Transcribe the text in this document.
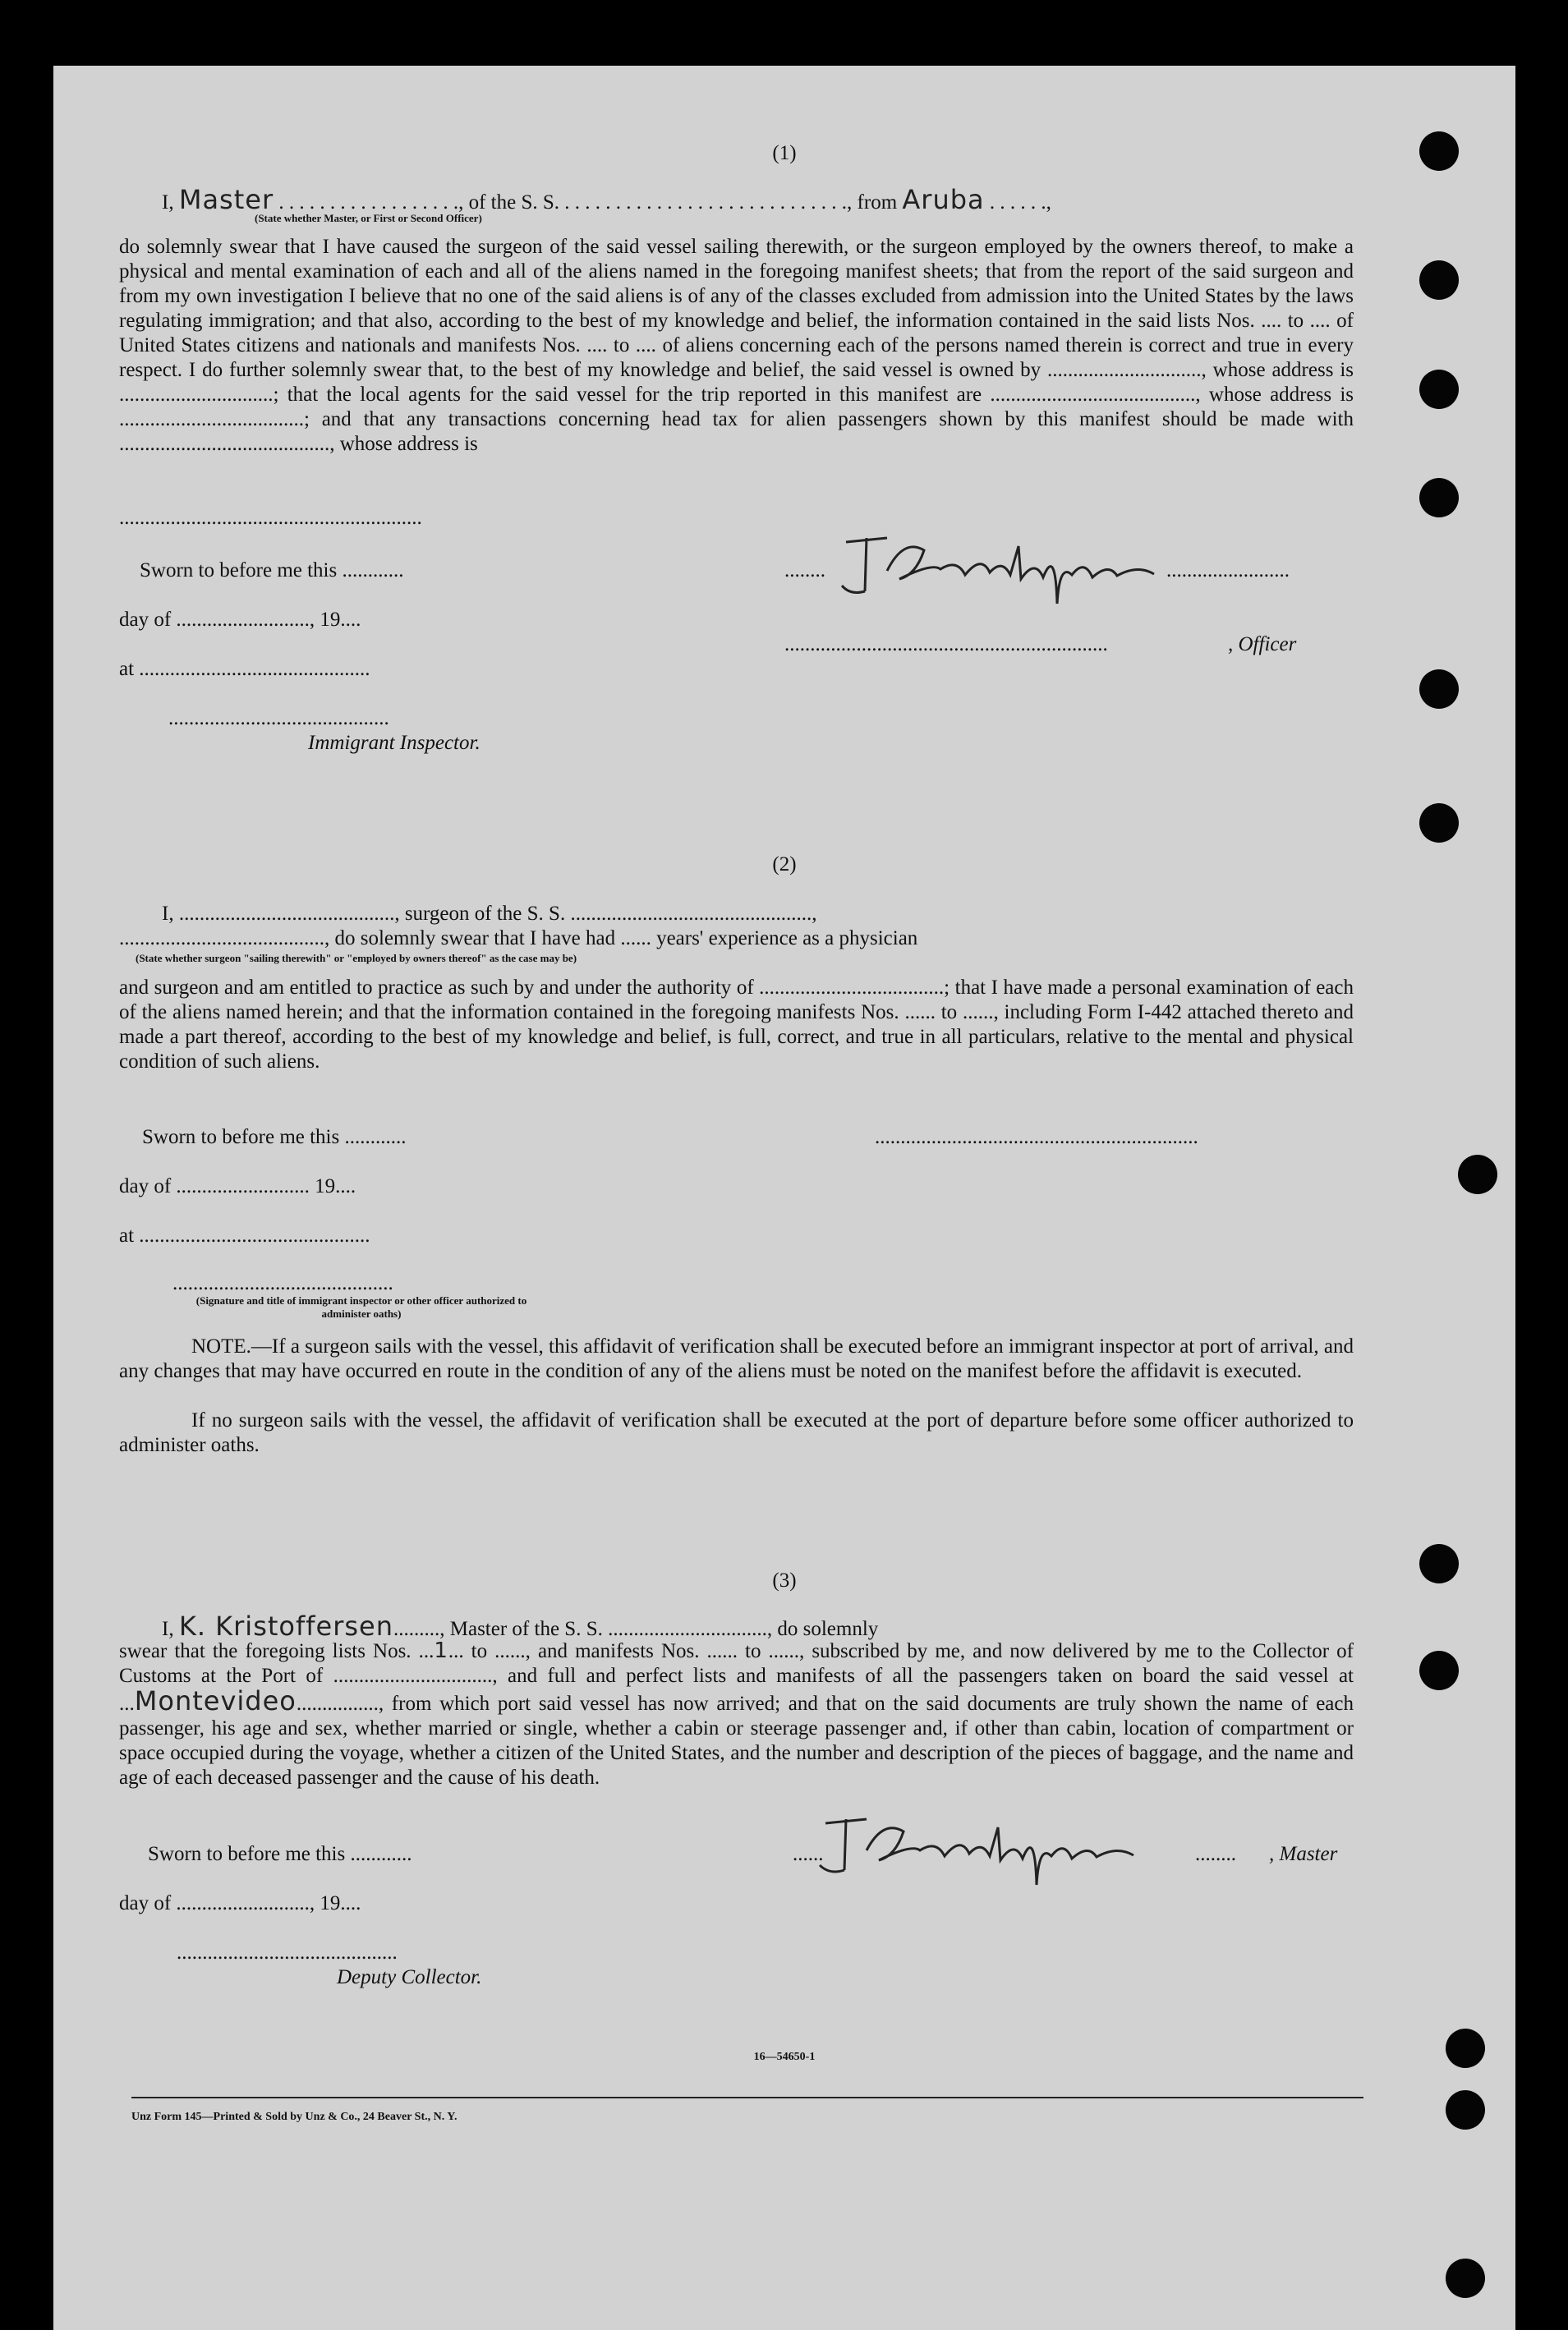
(1)
I, Master . . . . . . . . . . . . . . . . . ., of the S. S. . . . . . . . . . . . . . . . . . . . . . . . . . . . ., from Aruba . . . . . .,
(State whether Master, or First or Second Officer)
do solemnly swear that I have caused the surgeon of the said vessel sailing therewith, or the surgeon employed by the owners thereof, to make a physical and mental examination of each and all of the aliens named in the foregoing manifest sheets; that from the report of the said surgeon and from my own investigation I believe that no one of the said aliens is of any of the classes excluded from admission into the United States by the laws regulating immigration; and that also, according to the best of my knowledge and belief, the information contained in the said lists Nos. .... to .... of United States citizens and nationals and manifests Nos. .... to .... of aliens concerning each of the persons named therein is correct and true in every respect. I do further solemnly swear that, to the best of my knowledge and belief, the said vessel is owned by .............................., whose address is ..............................; that the local agents for the said vessel for the trip reported in this manifest are ........................................, whose address is ....................................; and that any transactions concerning head tax for alien passengers shown by this manifest should be made with ........................................., whose address is
...........................................................
Sworn to before me this ............
day of .........................., 19....
at .............................................
...........................................
Immigrant Inspector.
........	........................
...............................................................	, Officer
(2)
I, .........................................., surgeon of the S. S. ...............................................,
........................................, do solemnly swear that I have had ...... years' experience as a physician
(State whether surgeon "sailing therewith" or "employed by owners thereof" as the case may be)
and surgeon and am entitled to practice as such by and under the authority of ....................................; that I have made a personal examination of each of the aliens named herein; and that the information contained in the foregoing manifests Nos. ...... to ......, including Form I-442 attached thereto and made a part thereof, according to the best of my knowledge and belief, is full, correct, and true in all particulars, relative to the mental and physical condition of such aliens.
Sworn to before me this ............	...............................................................
day of .......................... 19....
at .............................................
...........................................
(Signature and title of immigrant inspector or other officer authorized to administer oaths)
NOTE.—If a surgeon sails with the vessel, this affidavit of verification shall be executed before an immigrant inspector at port of arrival, and any changes that may have occurred en route in the condition of any of the aliens must be noted on the manifest before the affidavit is executed.
If no surgeon sails with the vessel, the affidavit of verification shall be executed at the port of departure before some officer authorized to administer oaths.
(3)
I, K. Kristoffersen........., Master of the S. S. ..............................., do solemnly
swear that the foregoing lists Nos. ...1... to ......, and manifests Nos. ...... to ......, subscribed by me, and now delivered by me to the Collector of Customs at the Port of ..............................., and full and perfect lists and manifests of all the passengers taken on board the said vessel at ...Montevideo................, from which port said vessel has now arrived; and that on the said documents are truly shown the name of each passenger, his age and sex, whether married or single, whether a cabin or steerage passenger and, if other than cabin, location of compartment or space occupied during the voyage, whether a citizen of the United States, and the number and description of the pieces of baggage, and the name and age of each deceased passenger and the cause of his death.
Sworn to before me this ............
day of .........................., 19....
...........................................
Deputy Collector.
......	........	, Master
16—54650-1
Unz Form 145—Printed & Sold by Unz & Co., 24 Beaver St., N. Y.
